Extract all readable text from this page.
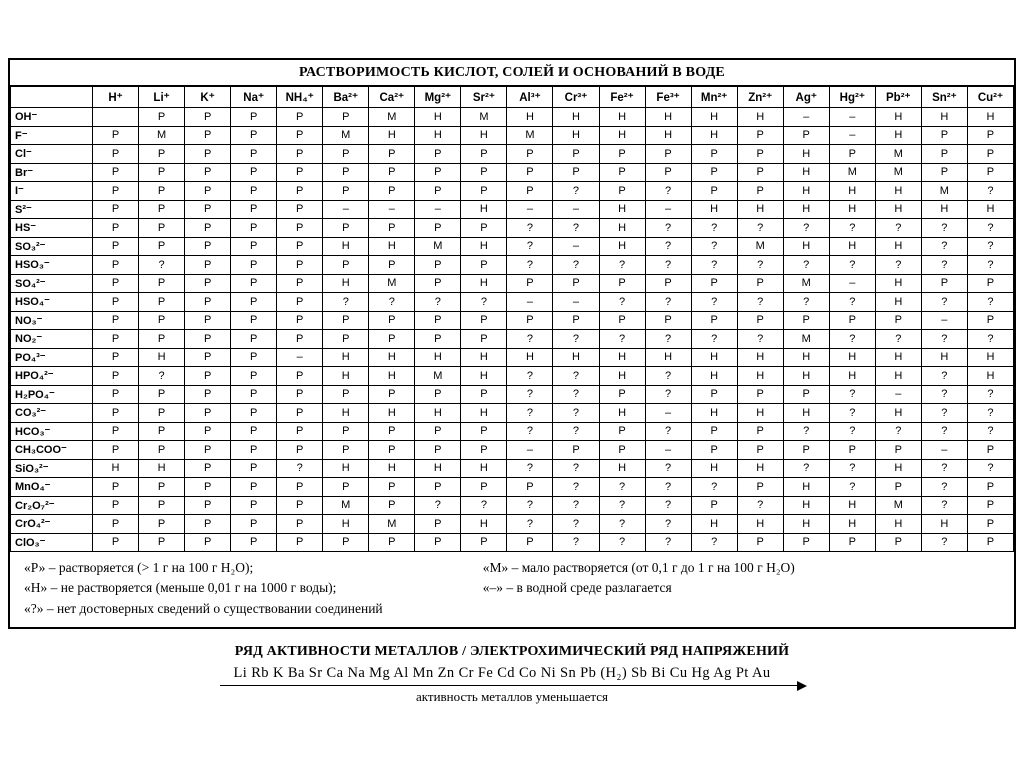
РАСТВОРИМОСТЬ КИСЛОТ, СОЛЕЙ И ОСНОВАНИЙ В ВОДЕ
	H⁺	Li⁺	K⁺	Na⁺	NH₄⁺	Ba²⁺	Ca²⁺	Mg²⁺	Sr²⁺	Al³⁺	Cr³⁺	Fe²⁺	Fe³⁺	Mn²⁺	Zn²⁺	Ag⁺	Hg²⁺	Pb²⁺	Sn²⁺	Cu²⁺
OH⁻		Р	Р	Р	Р	Р	М	Н	М	Н	Н	Н	Н	Н	Н	–	–	Н	Н	Н
F⁻	Р	М	Р	Р	Р	М	Н	Н	Н	М	Н	Н	Н	Н	Р	Р	–	Н	Р	Р
Cl⁻	Р	Р	Р	Р	Р	Р	Р	Р	Р	Р	Р	Р	Р	Р	Р	Н	Р	М	Р	Р
Br⁻	Р	Р	Р	Р	Р	Р	Р	Р	Р	Р	Р	Р	Р	Р	Р	Н	М	М	Р	Р
I⁻	Р	Р	Р	Р	Р	Р	Р	Р	Р	Р	?	Р	?	Р	Р	Н	Н	Н	М	?
S²⁻	Р	Р	Р	Р	Р	–	–	–	Н	–	–	Н	–	Н	Н	Н	Н	Н	Н	Н
HS⁻	Р	Р	Р	Р	Р	Р	Р	Р	Р	?	?	Н	?	?	?	?	?	?	?	?
SO₃²⁻	Р	Р	Р	Р	Р	Н	Н	М	Н	?	–	Н	?	?	М	Н	Н	Н	?	?
HSO₃⁻	Р	?	Р	Р	Р	Р	Р	Р	Р	?	?	?	?	?	?	?	?	?	?	?
SO₄²⁻	Р	Р	Р	Р	Р	Н	М	Р	Н	Р	Р	Р	Р	Р	Р	М	–	Н	Р	Р
HSO₄⁻	Р	Р	Р	Р	Р	?	?	?	?	–	–	?	?	?	?	?	?	Н	?	?
NO₃⁻	Р	Р	Р	Р	Р	Р	Р	Р	Р	Р	Р	Р	Р	Р	Р	Р	Р	Р	–	Р
NO₂⁻	Р	Р	Р	Р	Р	Р	Р	Р	Р	?	?	?	?	?	?	М	?	?	?	?
PO₄³⁻	Р	Н	Р	Р	–	Н	Н	Н	Н	Н	Н	Н	Н	Н	Н	Н	Н	Н	Н	Н
HPO₄²⁻	Р	?	Р	Р	Р	Н	Н	М	Н	?	?	Н	?	Н	Н	Н	Н	Н	?	Н
H₂PO₄⁻	Р	Р	Р	Р	Р	Р	Р	Р	Р	?	?	Р	?	Р	Р	Р	?	–	?	?
CO₃²⁻	Р	Р	Р	Р	Р	Н	Н	Н	Н	?	?	Н	–	Н	Н	Н	?	Н	?	?
HCO₃⁻	Р	Р	Р	Р	Р	Р	Р	Р	Р	?	?	Р	?	Р	Р	?	?	?	?	?
CH₃COO⁻	Р	Р	Р	Р	Р	Р	Р	Р	Р	–	Р	Р	–	Р	Р	Р	Р	Р	–	Р
SiO₃²⁻	Н	Н	Р	Р	?	Н	Н	Н	Н	?	?	Н	?	Н	Н	?	?	Н	?	?
MnO₄⁻	Р	Р	Р	Р	Р	Р	Р	Р	Р	Р	?	?	?	?	Р	Н	?	Р	?	Р
Cr₂O₇²⁻	Р	Р	Р	Р	Р	М	Р	?	?	?	?	?	?	Р	?	Н	Н	М	?	Р
CrO₄²⁻	Р	Р	Р	Р	Р	Н	М	Р	Н	?	?	?	?	Н	Н	Н	Н	Н	Н	Р
ClO₃⁻	Р	Р	Р	Р	Р	Р	Р	Р	Р	Р	?	?	?	?	Р	Р	Р	Р	?	Р
«Р» – растворяется (> 1 г на 100 г H₂O);	«М» – мало растворяется (от 0,1 г до 1 г на 100 г H₂O)
«Н» – не растворяется (меньше 0,01 г на 1000 г воды);	«–» – в водной среде разлагается
«?» – нет достоверных сведений о существовании соединений
РЯД АКТИВНОСТИ МЕТАЛЛОВ / ЭЛЕКТРОХИМИЧЕСКИЙ РЯД НАПРЯЖЕНИЙ
Li Rb K Ba Sr Ca Na Mg Al Mn Zn Cr Fe Cd Co Ni Sn Pb (H₂) Sb Bi Cu Hg Ag Pt Au
активность металлов уменьшается
